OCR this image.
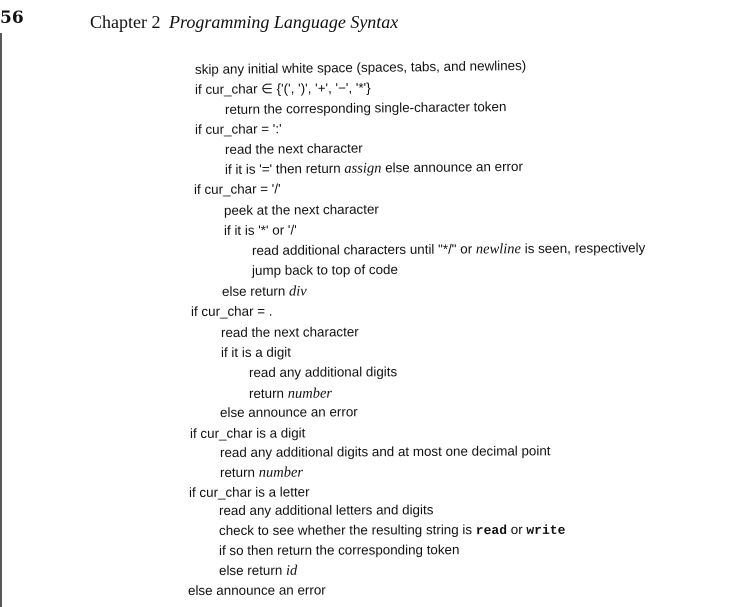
56	Chapter 2 Programming Language Syntax
skip any initial white space (spaces, tabs, and newlines)
if cur_char ∈ {'(', ')', '+', '−', '*'}
return the corresponding single-character token
if cur_char = ':'
read the next character
if it is '=' then return assign else announce an error
if cur_char = '/'
peek at the next character
if it is '*' or '/'
read additional characters until "*/" or newline is seen, respectively
jump back to top of code
else return div
if cur_char = .
read the next character
if it is a digit
read any additional digits
return number
else announce an error
if cur_char is a digit
read any additional digits and at most one decimal point
return number
if cur_char is a letter
read any additional letters and digits
check to see whether the resulting string is read or write
if so then return the corresponding token
else return id
else announce an error
